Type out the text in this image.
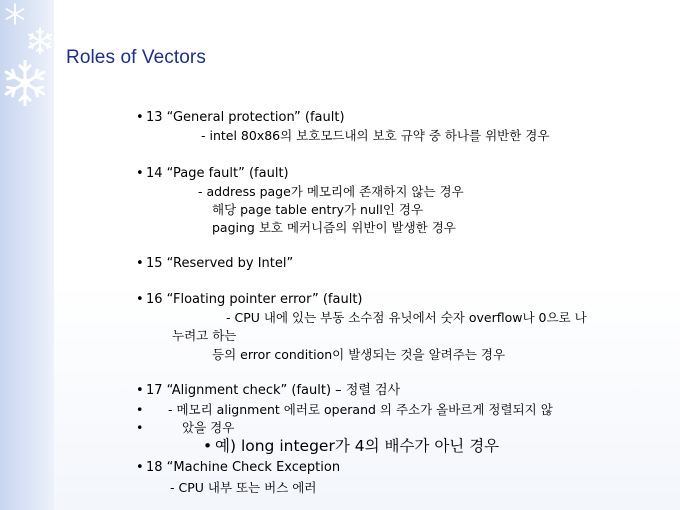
Roles of Vectors
• 13 “General protection” (fault)
- intel 80x86의 보호모드내의 보호 규약 중 하나를 위반한 경우
• 14 “Page fault” (fault)
- address page가 메모리에 존재하지 않는 경우
해당 page table entry가 null인 경우
paging 보호 메커니즘의 위반이 발생한 경우
• 15 “Reserved by Intel”
• 16 “Floating pointer error” (fault)
- CPU 내에 있는 부동 소수점 유닛에서 숫자 overflow나 0으로 나
누려고 하는
등의 error condition이 발생되는 것을 알려주는 경우
• 17 “Alignment check” (fault) – 정렬 검사
• - 메모리 alignment 에러로 operand 의 주소가 올바르게 정렬되지 않
•	았을 경우
• 예) long integer가 4의 배수가 아닌 경우
• 18 “Machine Check Exception
- CPU 내부 또는 버스 에러
